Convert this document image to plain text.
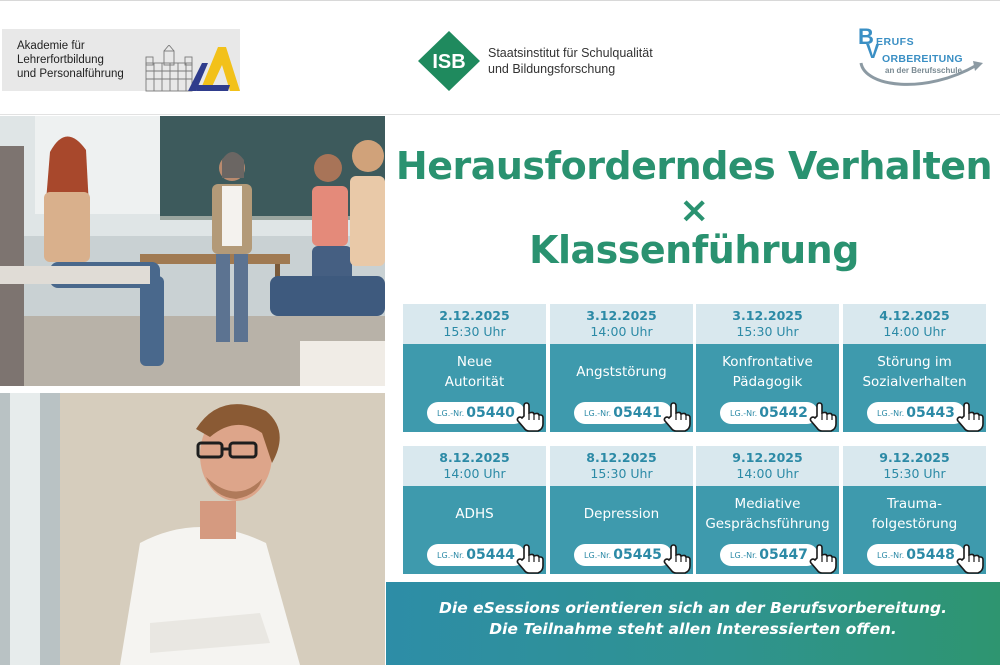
Akademie für
Lehrerfortbildung
und Personalführung
ISB Staatsinstitut für Schulqualität
und Bildungsforschung
B ERUFS
V ORBEREITUNG
an der Berufsschule
Herausforderndes Verhalten
×
Klassenführung
2.12.2025
15:30 Uhr
Neue
Autorität
LG.-Nr. 05440
3.12.2025
14:00 Uhr
Angststörung
LG.-Nr. 05441
3.12.2025
15:30 Uhr
Konfrontative
Pädagogik
LG.-Nr. 05442
4.12.2025
14:00 Uhr
Störung im
Sozialverhalten
LG.-Nr. 05443
8.12.2025
14:00 Uhr
ADHS
LG.-Nr. 05444
8.12.2025
15:30 Uhr
Depression
LG.-Nr. 05445
9.12.2025
14:00 Uhr
Mediative
Gesprächsführung
LG.-Nr. 05447
9.12.2025
15:30 Uhr
Trauma-
folgestörung
LG.-Nr. 05448
Die eSessions orientieren sich an der Berufsvorbereitung.
Die Teilnahme steht allen Interessierten offen.
